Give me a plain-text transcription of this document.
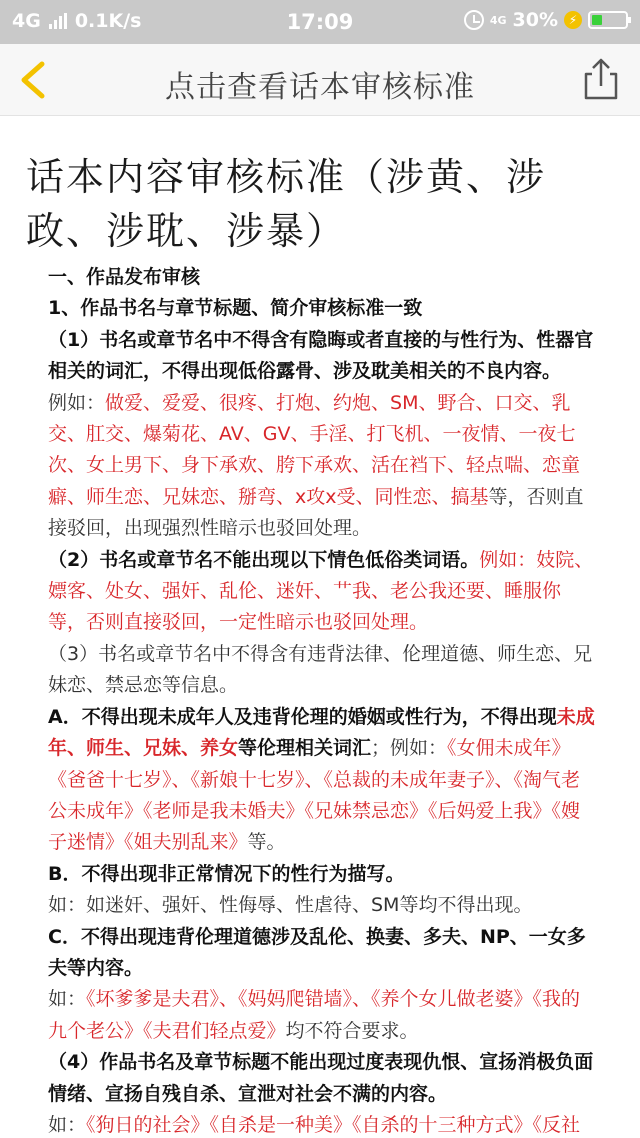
4G 0.1K/s	17:09	4G 30% ⚡
点击查看话本审核标准
话本内容审核标准（涉黄、涉政、涉耽、涉暴）

一、作品发布审核

1、作品书名与章节标题、简介审核标准一致

（1）书名或章节名中不得含有隐晦或者直接的与性行为、性器官相关的词汇，不得出现低俗露骨、涉及耽美相关的不良内容。

例如：做爱、爱爱、很疼、打炮、约炮、SM、野合、口交、乳交、肛交、爆菊花、AV、GV、手淫、打飞机、一夜情、一夜七次、女上男下、身下承欢、胯下承欢、活在裆下、轻点喘、恋童癖、师生恋、兄妹恋、掰弯、x攻x受、同性恋、搞基等，否则直接驳回，出现强烈性暗示也驳回处理。

（2）书名或章节名不能出现以下情色低俗类词语。例如：妓院、嫖客、处女、强奸、乱伦、迷奸、艹我、老公我还要、睡服你等，否则直接驳回，一定性暗示也驳回处理。

（3）书名或章节名中不得含有违背法律、伦理道德、师生恋、兄妹恋、禁忌恋等信息。

A．不得出现未成年人及违背伦理的婚姻或性行为，不得出现未成年、师生、兄妹、养女等伦理相关词汇；例如：《女佣未成年》《爸爸十七岁》、《新娘十七岁》、《总裁的未成年妻子》、《淘气老公未成年》《老师是我未婚夫》《兄妹禁忌恋》《后妈爱上我》《嫂子迷情》《姐夫别乱来》等。

B．不得出现非正常情况下的性行为描写。

如：如迷奸、强奸、性侮辱、性虐待、SM等均不得出现。

C．不得出现违背伦理道德涉及乱伦、换妻、多夫、NP、一女多夫等内容。

如：《坏爹爹是夫君》、《妈妈爬错墙》、《养个女儿做老婆》《我的九个老公》《夫君们轻点爱》均不符合要求。

（4）作品书名及章节标题不能出现过度表现仇恨、宣扬消极负面情绪、宣扬自残自杀、宣泄对社会不满的内容。

如：《狗日的社会》《自杀是一种美》《自杀的十三种方式》《反社
